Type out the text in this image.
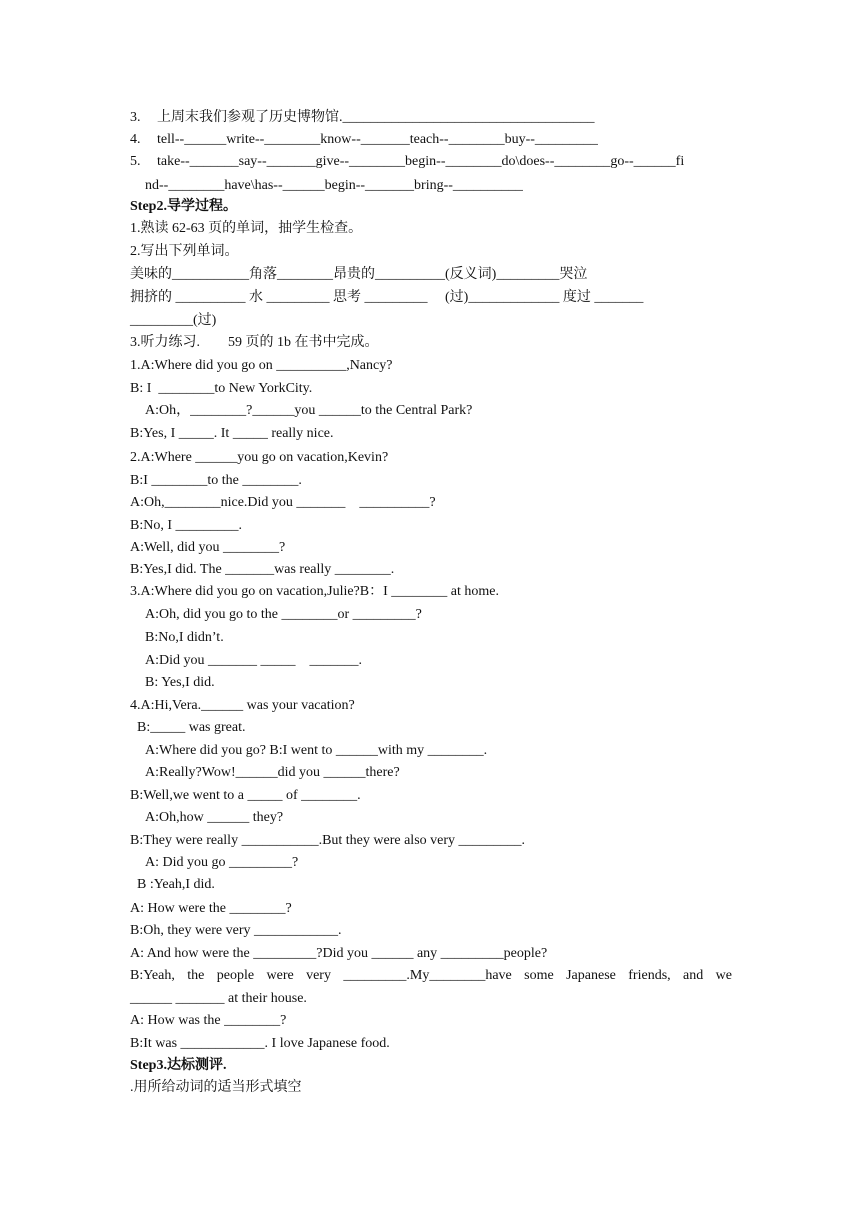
3. 上周末我们参观了历史博物馆.____________________________________
4. tell--______write--________know--_______teach--________buy--_________
5. take--_______say--_______give--________begin--________do\does--________go--______fi
nd--________have\has--______begin--_______bring--__________
Step2.导学过程。
1.熟读 62-63 页的单词，抽学生检查。
2.写出下列单词。
美味的___________角落________昂贵的__________(反义词)_________哭泣
拥挤的 __________ 水 _________ 思考 _________     (过)_____________ 度过 _______
_________(过)
3.听力练习.        59 页的 1b 在书中完成。
1.A:Where did you go on __________,Nancy?
B: I  ________to New YorkCity.
A:Oh，________?______you ______to the Central Park?
B:Yes, I _____. It _____ really nice.
2.A:Where ______you go on vacation,Kevin?
B:I ________to the ________.
A:Oh,________nice.Did you _______    __________?
B:No, I _________.
A:Well, did you ________?
B:Yes,I did. The _______was really ________.
3.A:Where did you go on vacation,Julie?B：I ________ at home.
A:Oh, did you go to the ________or _________?
B:No,I didn’t.
A:Did you _______ _____    _______.
B: Yes,I did.
4.A:Hi,Vera.______ was your vacation?
B:_____ was great.
A:Where did you go? B:I went to ______with my ________.
A:Really?Wow!______did you ______there?
B:Well,we went to a _____ of ________.
A:Oh,how ______ they?
B:They were really ___________.But they were also very _________.
A: Did you go _________?
B :Yeah,I did.
A: How were the ________?
B:Oh, they were very ____________.
A: And how were the _________?Did you ______ any _________people?
B:Yeah, the people were very _________.My________have some Japanese friends, and we
______ _______ at their house.
A: How was the ________?
B:It was ____________. I love Japanese food.
Step3.达标测评.
.用所给动词的适当形式填空
